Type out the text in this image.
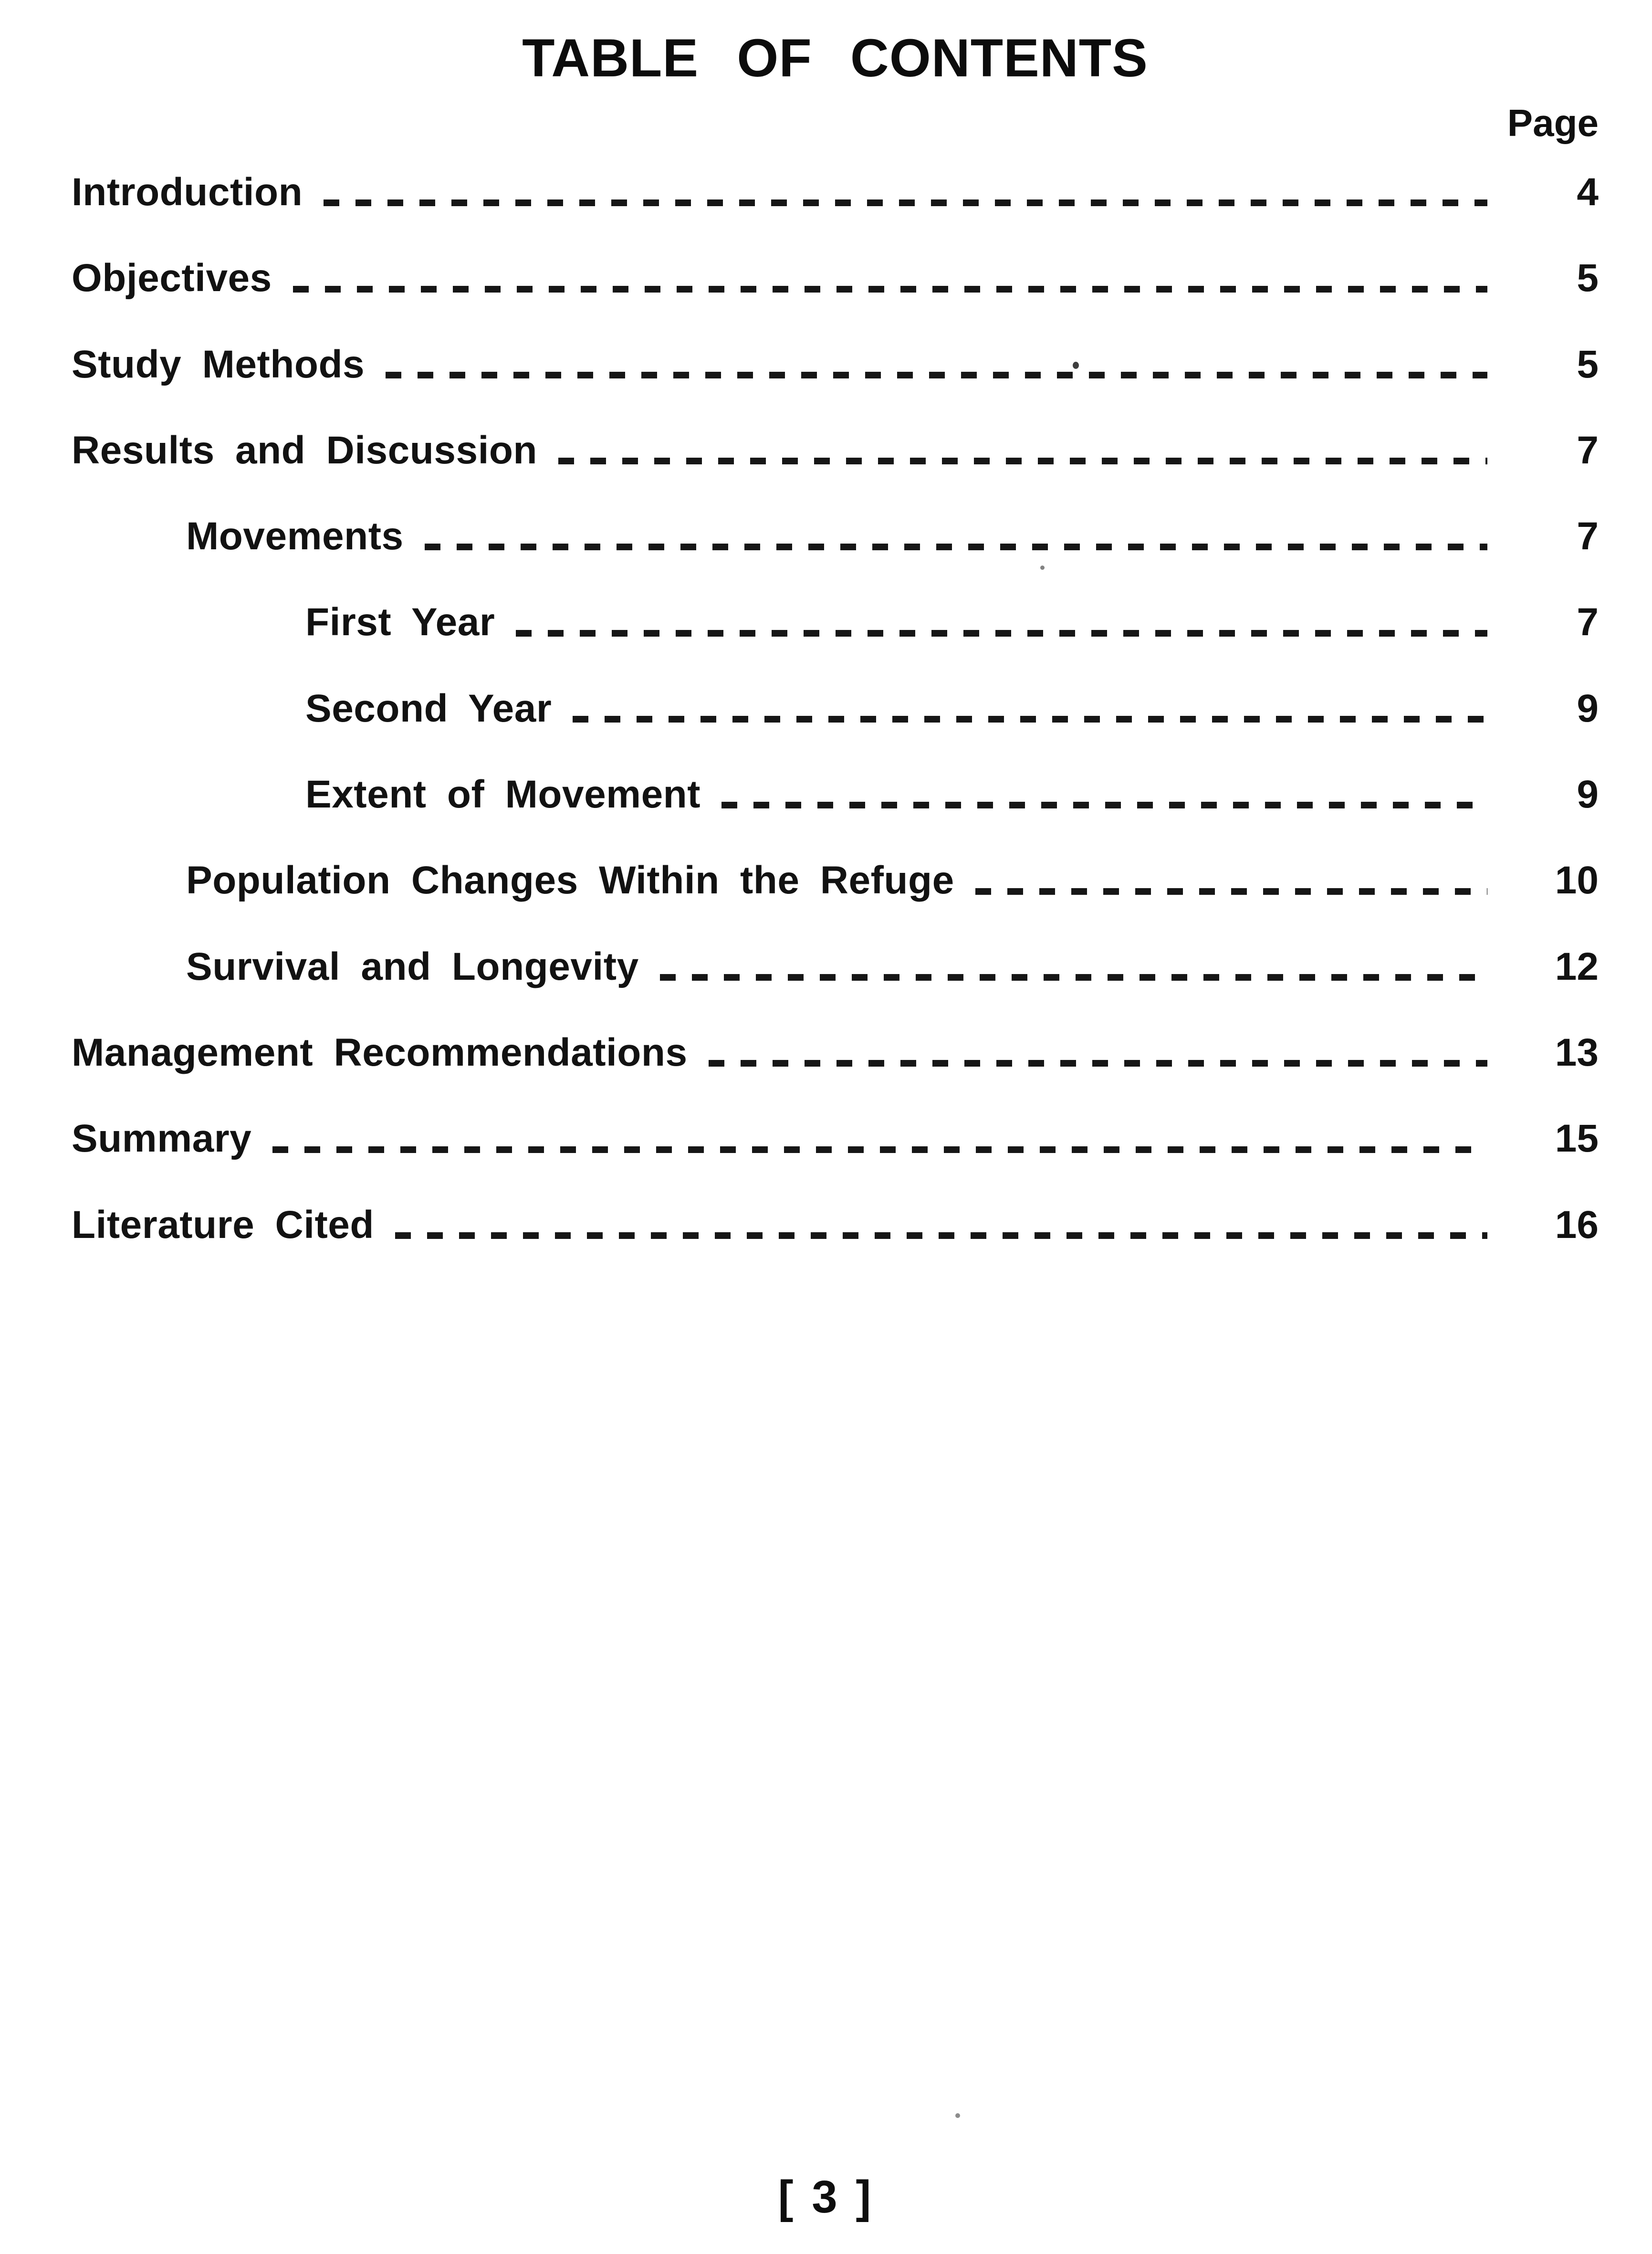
TABLE OF CONTENTS
Page
Introduction	4
Objectives	5
Study Methods	5
Results and Discussion	7
Movements	7
First Year	7
Second Year	9
Extent of Movement	9
Population Changes Within the Refuge	10
Survival and Longevity	12
Management Recommendations	13
Summary	15
Literature Cited	16
[ 3 ]
